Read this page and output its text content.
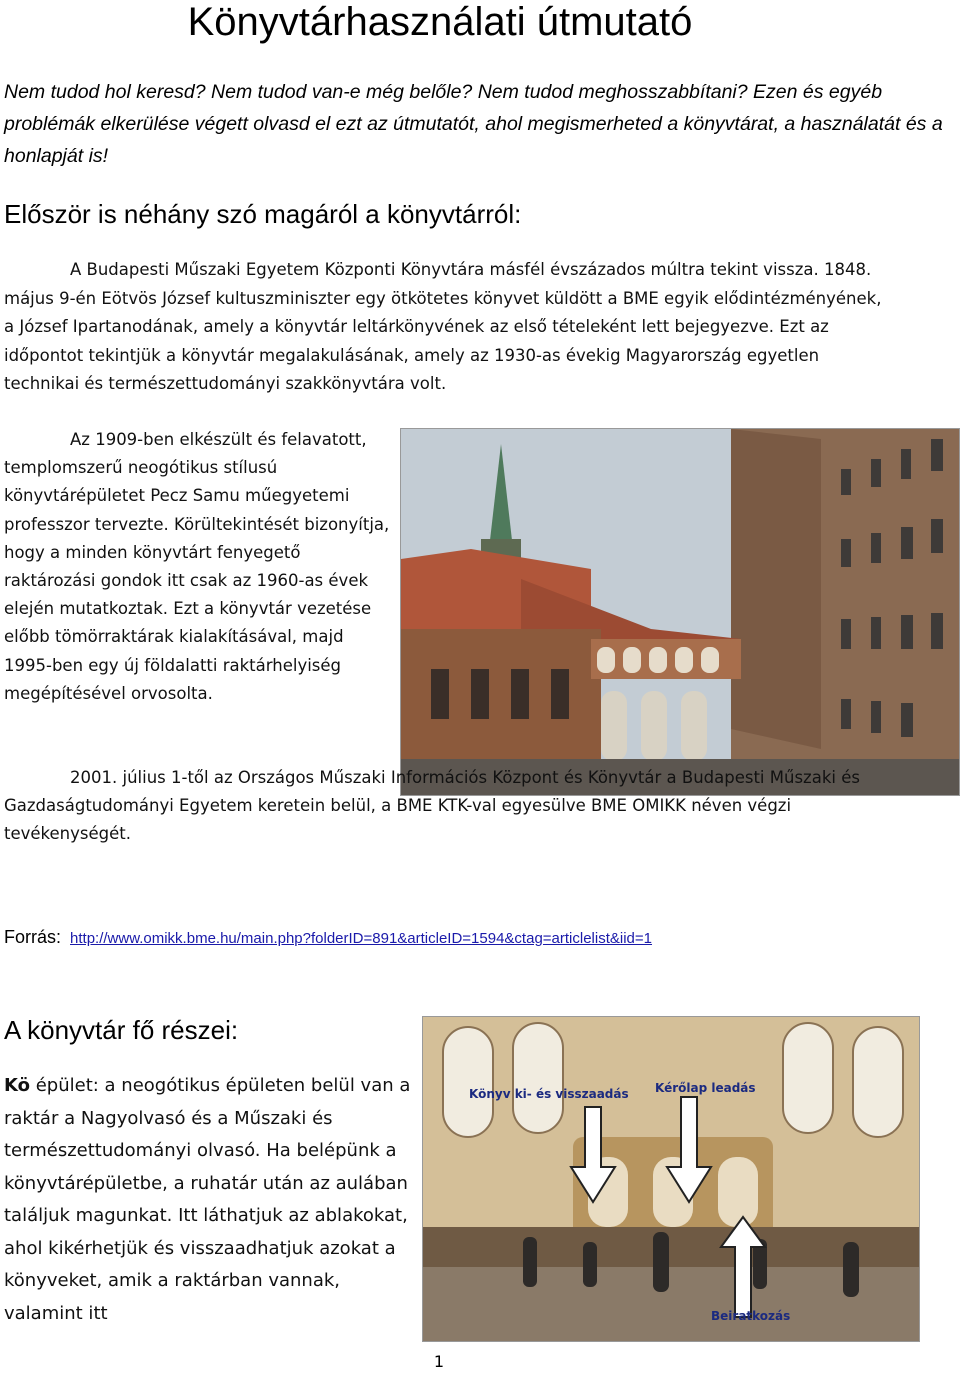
Könyvtárhasználati útmutató

Nem tudod hol keresd? Nem tudod van-e még belőle? Nem tudod meghosszabbítani? Ezen és egyéb problémák elkerülése végett olvasd el ezt az útmutatót, ahol megismerheted a könyvtárat, a használatát és a honlapját is!

Először is néhány szó magáról a könyvtárról:

A Budapesti Műszaki Egyetem Központi Könyvtára másfél évszázados múltra tekint vissza. 1848. május 9-én Eötvös József kultuszminiszter egy ötkötetes könyvet küldött a BME egyik elődintézményének, a József Ipartanodának, amely a könyvtár leltárkönyvének az első tételeként lett bejegyezve. Ezt az időpontot tekintjük a könyvtár megalakulásának, amely az 1930-as évekig Magyarország egyetlen technikai és természettudományi szakkönyvtára volt.

Az 1909-ben elkészült és felavatott, templomszerű neogótikus stílusú könyvtárépületet Pecz Samu műegyetemi professzor tervezte. Körültekintését bizonyítja, hogy a minden könyvtárt fenyegető raktározási gondok itt csak az 1960-as évek elején mutatkoztak. Ezt a könyvtár vezetése előbb tömörraktárak kialakításával, majd 1995-ben egy új földalatti raktárhelyiség megépítésével orvosolta.

2001. július 1-től az Országos Műszaki Információs Központ és Könyvtár a Budapesti Műszaki és Gazdaságtudományi Egyetem keretein belül, a BME KTK-val egyesülve BME OMIKK néven végzi tevékenységét.

Forrás: http://www.omikk.bme.hu/main.php?folderID=891&articleID=1594&ctag=articlelist&iid=1
A könyvtár fő részei:

Kö épület: a neogótikus épületen belül van a raktár a Nagyolvasó és a Műszaki és természettudományi olvasó. Ha belépünk a könyvtárépületbe, a ruhatár után az aulában találjuk magunkat. Itt láthatjuk az ablakokat, ahol kikérhetjük és visszaadhatjuk azokat a könyveket, amik a raktárban vannak, valamint itt

Könyv ki- és visszaadás Kérőlap leadás
Beiratkozás
1
